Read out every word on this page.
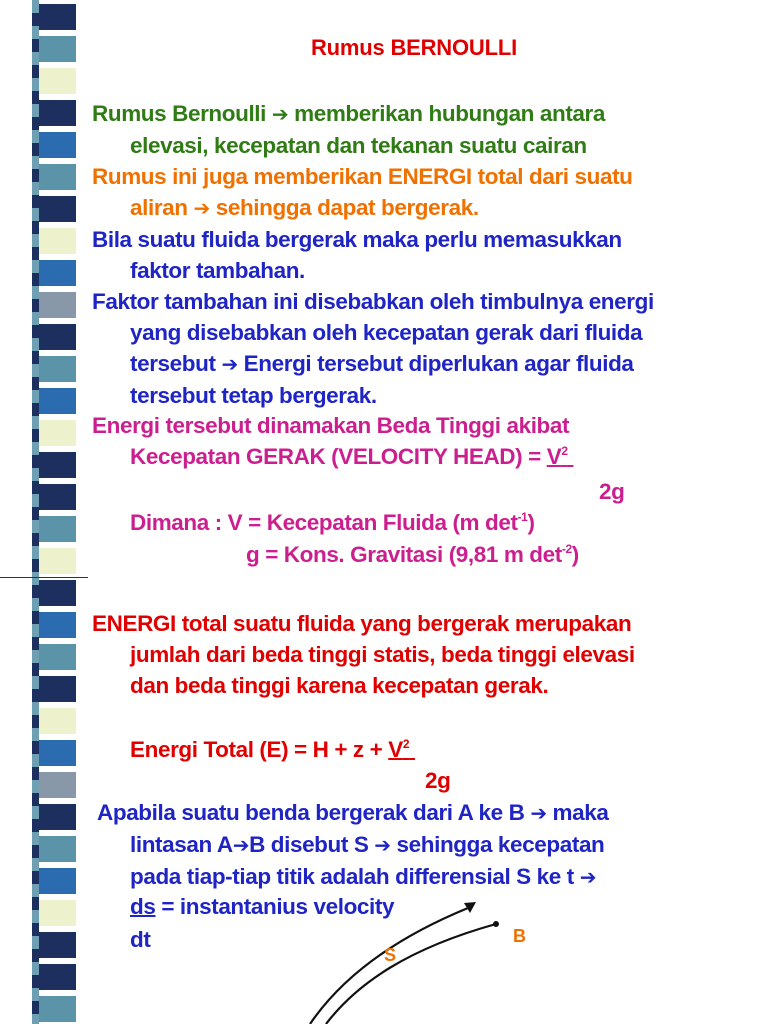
Rumus BERNOULLI
Rumus Bernoulli ➔ memberikan hubungan antara
elevasi, kecepatan dan tekanan suatu cairan
Rumus ini juga memberikan ENERGI total dari suatu
aliran ➔ sehingga dapat bergerak.
Bila suatu fluida bergerak maka perlu memasukkan
faktor tambahan.
Faktor tambahan ini disebabkan oleh timbulnya energi
yang disebabkan oleh kecepatan gerak dari fluida
tersebut ➔ Energi tersebut diperlukan agar fluida
tersebut tetap bergerak.
Energi tersebut dinamakan Beda Tinggi akibat
Kecepatan GERAK (VELOCITY HEAD) = $V^2$
2g
Dimana : V = Kecepatan Fluida (m $\det^{-1}$)
g = Kons. Gravitasi (9,81 m $\det^{-2}$)
ENERGI total suatu fluida yang bergerak merupakan
jumlah dari beda tinggi statis, beda tinggi elevasi
dan beda tinggi karena kecepatan gerak.
Energi Total $(E) = H + z + V^2$
2g
Apabila suatu benda bergerak dari A ke B ➔ maka
lintasan A➔B disebut S ➔ sehingga kecepatan
pada tiap-tiap titik adalah differensial S ke t ➔
ds = instantanius velocity
dt	B
S
